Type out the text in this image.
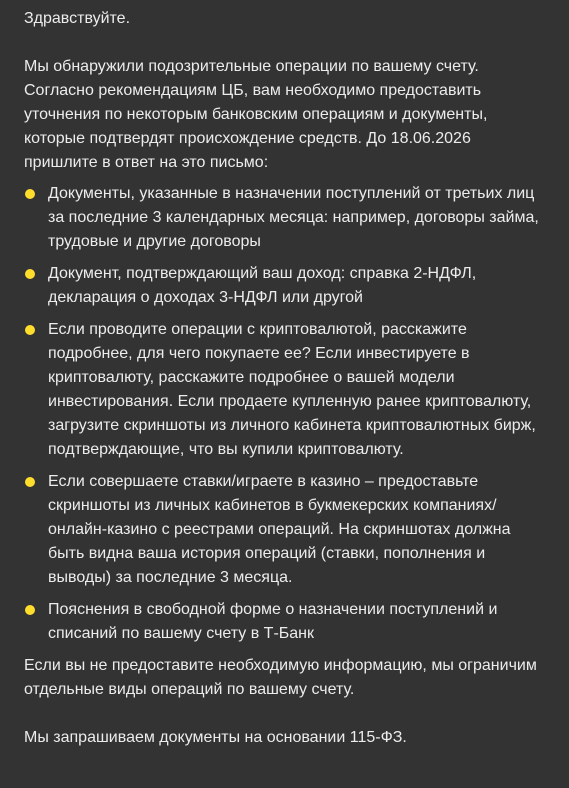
Здравствуйте.

Мы обнаружили подозрительные операции по вашему счету. Согласно рекомендациям ЦБ, вам необходимо предоставить уточнения по некоторым банковским операциям и документы, которые подтвердят происхождение средств. До 18.06.2026 пришлите в ответ на это письмо:

Документы, указанные в назначении поступлений от третьих лиц за последние 3 календарных месяца: например, договоры займа, трудовые и другие договоры
Документ, подтверждающий ваш доход: справка 2-НДФЛ, декларация о доходах 3-НДФЛ или другой
Если проводите операции с криптовалютой, расскажите подробнее, для чего покупаете ее? Если инвестируете в криптовалюту, расскажите подробнее о вашей модели инвестирования. Если продаете купленную ранее криптовалюту, загрузите скриншоты из личного кабинета криптовалютных бирж, подтверждающие, что вы купили криптовалюту.
Если совершаете ставки/играете в казино – предоставьте скриншоты из личных кабинетов в букмекерских компаниях/онлайн-казино с реестрами операций. На скриншотах должна быть видна ваша история операций (ставки, пополнения и выводы) за последние 3 месяца.
Пояснения в свободной форме о назначении поступлений и списаний по вашему счету в Т-Банк

Если вы не предоставите необходимую информацию, мы ограничим отдельные виды операций по вашему счету.

Мы запрашиваем документы на основании 115-ФЗ.
